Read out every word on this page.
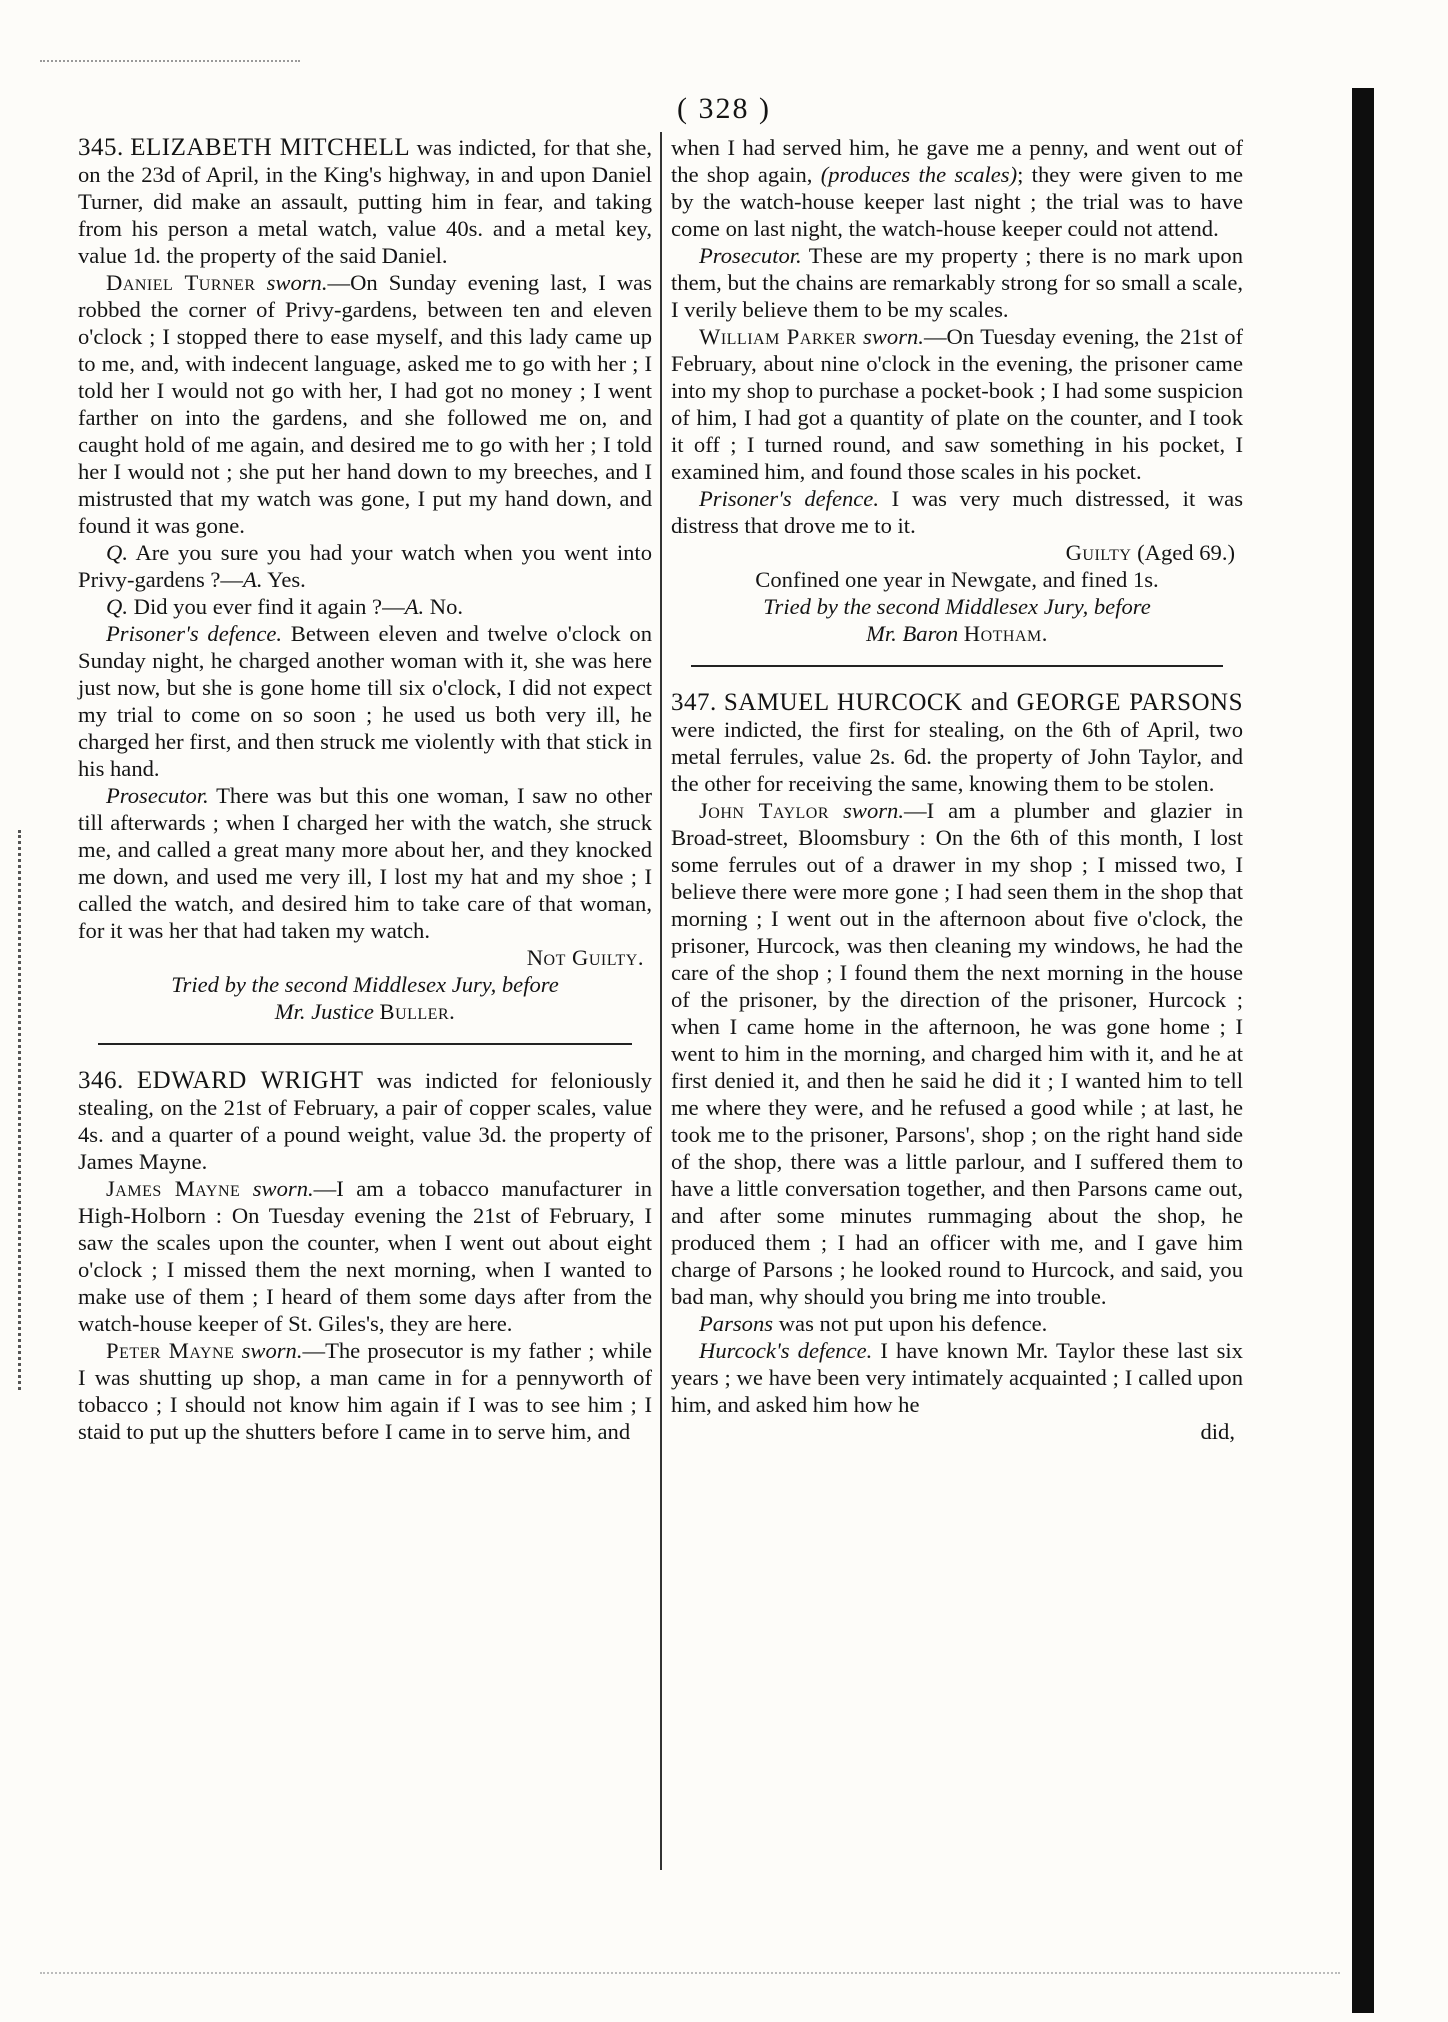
( 328 )

345. ELIZABETH MITCHELL was indicted, for that she, on the 23d of April, in the King's highway, in and upon Daniel Turner, did make an assault, putting him in fear, and taking from his person a metal watch, value 40s. and a metal key, value 1d. the property of the said Daniel.

Daniel Turner sworn.—On Sunday evening last, I was robbed the corner of Privy-gardens, between ten and eleven o'clock ; I stopped there to ease myself, and this lady came up to me, and, with indecent language, asked me to go with her ; I told her I would not go with her, I had got no money ; I went farther on into the gardens, and she followed me on, and caught hold of me again, and desired me to go with her ; I told her I would not ; she put her hand down to my breeches, and I mistrusted that my watch was gone, I put my hand down, and found it was gone.

Q. Are you sure you had your watch when you went into Privy-gardens ?—A. Yes.

Q. Did you ever find it again ?—A. No.

Prisoner's defence. Between eleven and twelve o'clock on Sunday night, he charged another woman with it, she was here just now, but she is gone home till six o'clock, I did not expect my trial to come on so soon ; he used us both very ill, he charged her first, and then struck me violently with that stick in his hand.

Prosecutor. There was but this one woman, I saw no other till afterwards ; when I charged her with the watch, she struck me, and called a great many more about her, and they knocked me down, and used me very ill, I lost my hat and my shoe ; I called the watch, and desired him to take care of that woman, for it was her that had taken my watch.

Not Guilty.

Tried by the second Middlesex Jury, before
Mr. Justice Buller.

346. EDWARD WRIGHT was indicted for feloniously stealing, on the 21st of February, a pair of copper scales, value 4s. and a quarter of a pound weight, value 3d. the property of James Mayne.

James Mayne sworn.—I am a tobacco manufacturer in High-Holborn : On Tuesday evening the 21st of February, I saw the scales upon the counter, when I went out about eight o'clock ; I missed them the next morning, when I wanted to make use of them ; I heard of them some days after from the watch-house keeper of St. Giles's, they are here.

Peter Mayne sworn.—The prosecutor is my father ; while I was shutting up shop, a man came in for a pennyworth of tobacco ; I should not know him again if I was to see him ; I staid to put up the shutters before I came in to serve him, and

when I had served him, he gave me a penny, and went out of the shop again, (produces the scales); they were given to me by the watch-house keeper last night ; the trial was to have come on last night, the watch-house keeper could not attend.

Prosecutor. These are my property ; there is no mark upon them, but the chains are remarkably strong for so small a scale, I verily believe them to be my scales.

William Parker sworn.—On Tuesday evening, the 21st of February, about nine o'clock in the evening, the prisoner came into my shop to purchase a pocket-book ; I had some suspicion of him, I had got a quantity of plate on the counter, and I took it off ; I turned round, and saw something in his pocket, I examined him, and found those scales in his pocket.

Prisoner's defence. I was very much distressed, it was distress that drove me to it.

Guilty (Aged 69.)

Confined one year in Newgate, and fined 1s.

Tried by the second Middlesex Jury, before
Mr. Baron Hotham.

347. SAMUEL HURCOCK and GEORGE PARSONS were indicted, the first for stealing, on the 6th of April, two metal ferrules, value 2s. 6d. the property of John Taylor, and the other for receiving the same, knowing them to be stolen.

John Taylor sworn.—I am a plumber and glazier in Broad-street, Bloomsbury : On the 6th of this month, I lost some ferrules out of a drawer in my shop ; I missed two, I believe there were more gone ; I had seen them in the shop that morning ; I went out in the afternoon about five o'clock, the prisoner, Hurcock, was then cleaning my windows, he had the care of the shop ; I found them the next morning in the house of the prisoner, by the direction of the prisoner, Hurcock ; when I came home in the afternoon, he was gone home ; I went to him in the morning, and charged him with it, and he at first denied it, and then he said he did it ; I wanted him to tell me where they were, and he refused a good while ; at last, he took me to the prisoner, Parsons', shop ; on the right hand side of the shop, there was a little parlour, and I suffered them to have a little conversation together, and then Parsons came out, and after some minutes rummaging about the shop, he produced them ; I had an officer with me, and I gave him charge of Parsons ; he looked round to Hurcock, and said, you bad man, why should you bring me into trouble.

Parsons was not put upon his defence.

Hurcock's defence. I have known Mr. Taylor these last six years ; we have been very intimately acquainted ; I called upon him, and asked him how he

did,
